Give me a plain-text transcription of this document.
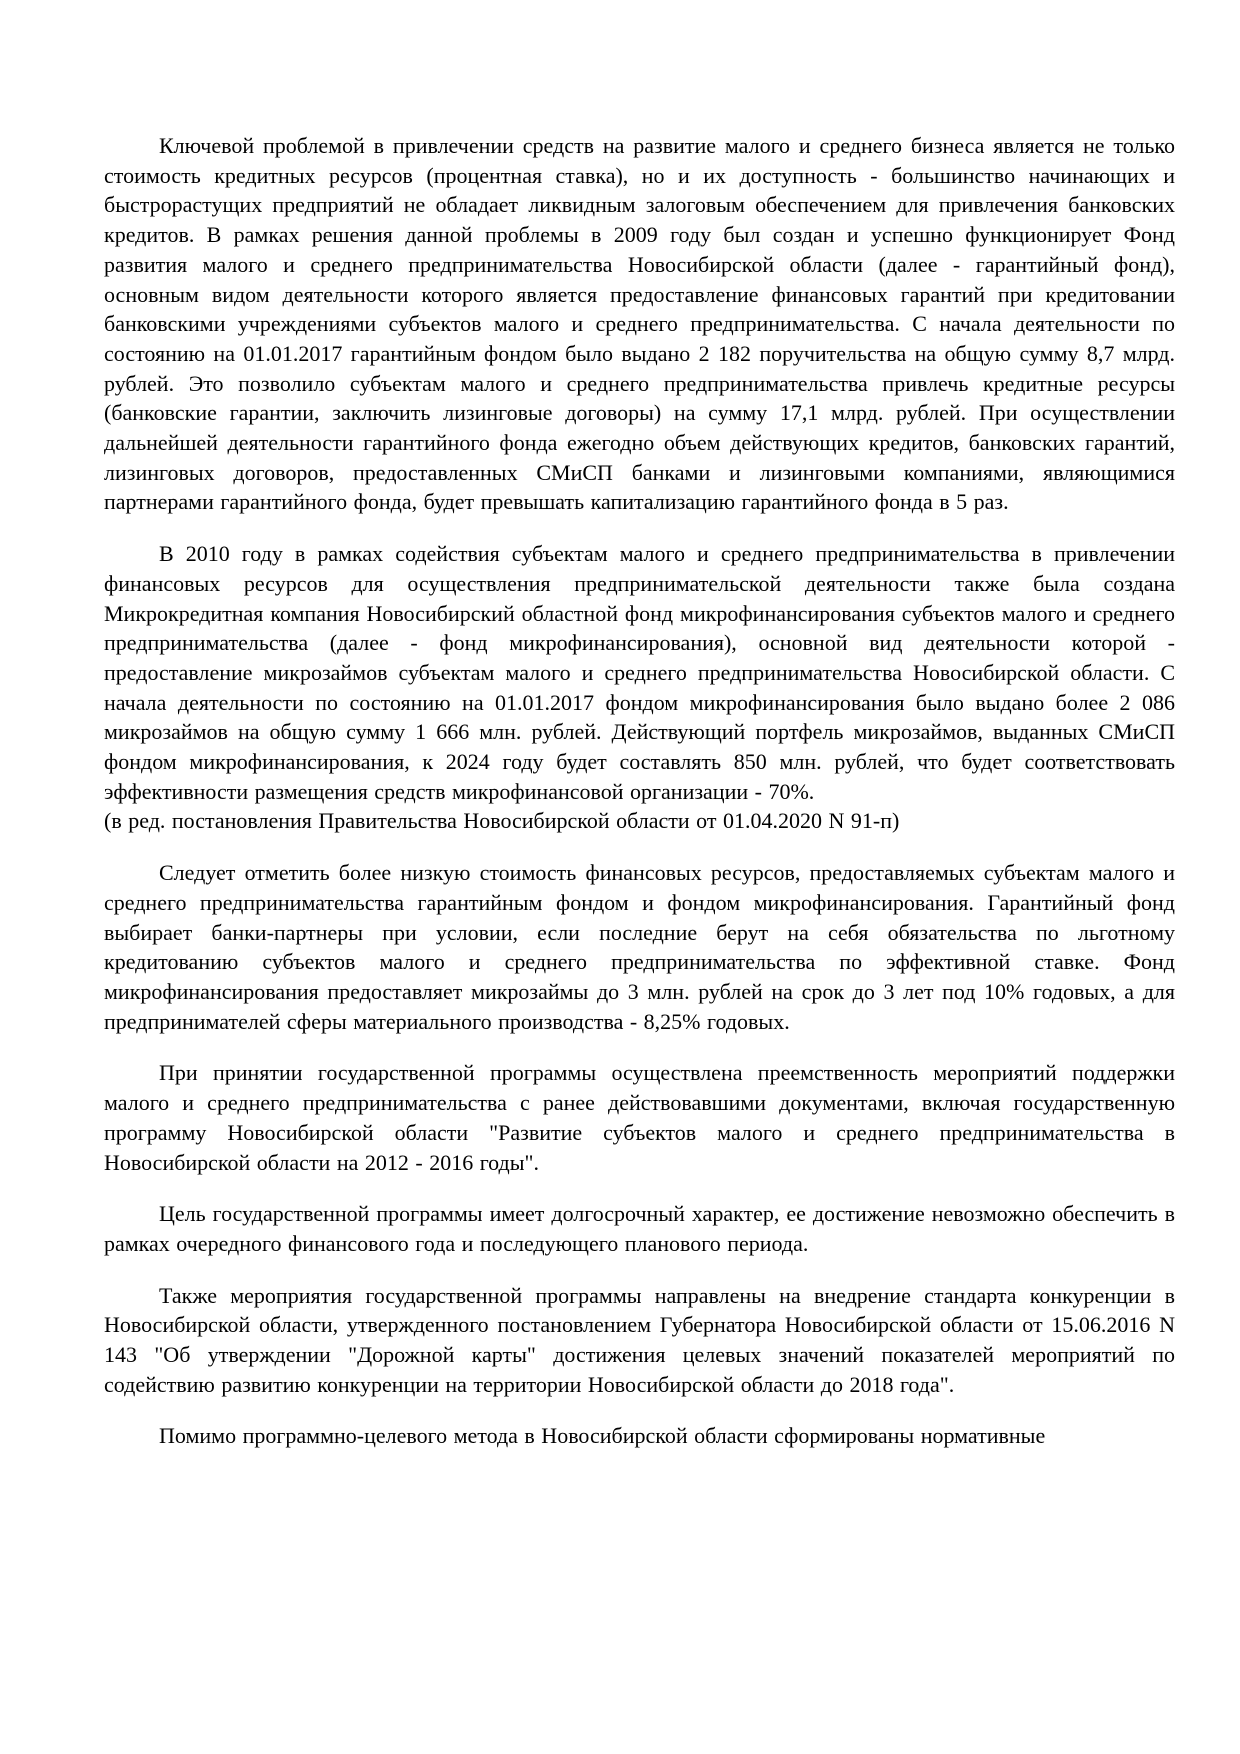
Ключевой проблемой в привлечении средств на развитие малого и среднего бизнеса является не только стоимость кредитных ресурсов (процентная ставка), но и их доступность - большинство начинающих и быстрорастущих предприятий не обладает ликвидным залоговым обеспечением для привлечения банковских кредитов. В рамках решения данной проблемы в 2009 году был создан и успешно функционирует Фонд развития малого и среднего предпринимательства Новосибирской области (далее - гарантийный фонд), основным видом деятельности которого является предоставление финансовых гарантий при кредитовании банковскими учреждениями субъектов малого и среднего предпринимательства. С начала деятельности по состоянию на 01.01.2017 гарантийным фондом было выдано 2 182 поручительства на общую сумму 8,7 млрд. рублей. Это позволило субъектам малого и среднего предпринимательства привлечь кредитные ресурсы (банковские гарантии, заключить лизинговые договоры) на сумму 17,1 млрд. рублей. При осуществлении дальнейшей деятельности гарантийного фонда ежегодно объем действующих кредитов, банковских гарантий, лизинговых договоров, предоставленных СМиСП банками и лизинговыми компаниями, являющимися партнерами гарантийного фонда, будет превышать капитализацию гарантийного фонда в 5 раз.

В 2010 году в рамках содействия субъектам малого и среднего предпринимательства в привлечении финансовых ресурсов для осуществления предпринимательской деятельности также была создана Микрокредитная компания Новосибирский областной фонд микрофинансирования субъектов малого и среднего предпринимательства (далее - фонд микрофинансирования), основной вид деятельности которой - предоставление микрозаймов субъектам малого и среднего предпринимательства Новосибирской области. С начала деятельности по состоянию на 01.01.2017 фондом микрофинансирования было выдано более 2 086 микрозаймов на общую сумму 1 666 млн. рублей. Действующий портфель микрозаймов, выданных СМиСП фондом микрофинансирования, к 2024 году будет составлять 850 млн. рублей, что будет соответствовать эффективности размещения средств микрофинансовой организации - 70%.

(в ред. постановления Правительства Новосибирской области от 01.04.2020 N 91-п)

Следует отметить более низкую стоимость финансовых ресурсов, предоставляемых субъектам малого и среднего предпринимательства гарантийным фондом и фондом микрофинансирования. Гарантийный фонд выбирает банки-партнеры при условии, если последние берут на себя обязательства по льготному кредитованию субъектов малого и среднего предпринимательства по эффективной ставке. Фонд микрофинансирования предоставляет микрозаймы до 3 млн. рублей на срок до 3 лет под 10% годовых, а для предпринимателей сферы материального производства - 8,25% годовых.

При принятии государственной программы осуществлена преемственность мероприятий поддержки малого и среднего предпринимательства с ранее действовавшими документами, включая государственную программу Новосибирской области "Развитие субъектов малого и среднего предпринимательства в Новосибирской области на 2012 - 2016 годы".

Цель государственной программы имеет долгосрочный характер, ее достижение невозможно обеспечить в рамках очередного финансового года и последующего планового периода.

Также мероприятия государственной программы направлены на внедрение стандарта конкуренции в Новосибирской области, утвержденного постановлением Губернатора Новосибирской области от 15.06.2016 N 143 "Об утверждении "Дорожной карты" достижения целевых значений показателей мероприятий по содействию развитию конкуренции на территории Новосибирской области до 2018 года".

Помимо программно-целевого метода в Новосибирской области сформированы нормативные
